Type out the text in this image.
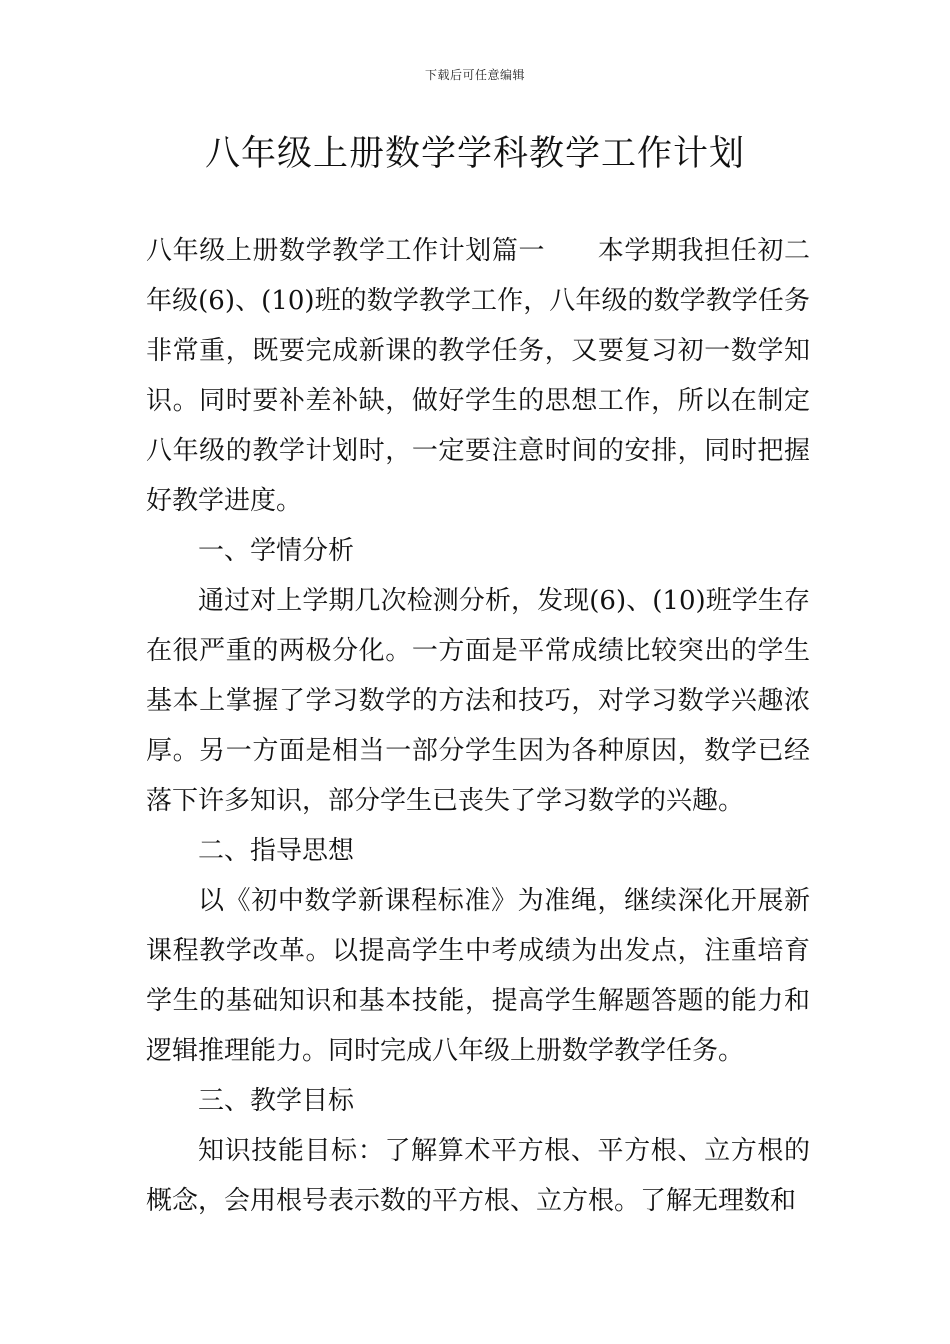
下载后可任意编辑
八年级上册数学学科教学工作计划

八年级上册数学教学工作计划篇一 本学期我担任初二年级(6)、(10)班的数学教学工作，八年级的数学教学任务非常重，既要完成新课的教学任务，又要复习初一数学知识。同时要补差补缺，做好学生的思想工作，所以在制定八年级的教学计划时，一定要注意时间的安排，同时把握好教学进度。

一、学情分析

通过对上学期几次检测分析，发现(6)、(10)班学生存在很严重的两极分化。一方面是平常成绩比较突出的学生基本上掌握了学习数学的方法和技巧，对学习数学兴趣浓厚。另一方面是相当一部分学生因为各种原因，数学已经落下许多知识，部分学生已丧失了学习数学的兴趣。

二、指导思想

以《初中数学新课程标准》为准绳，继续深化开展新课程教学改革。以提高学生中考成绩为出发点，注重培育学生的基础知识和基本技能，提高学生解题答题的能力和逻辑推理能力。同时完成八年级上册数学教学任务。

三、教学目标

知识技能目标：了解算术平方根、平方根、立方根的概念，会用根号表示数的平方根、立方根。了解无理数和
